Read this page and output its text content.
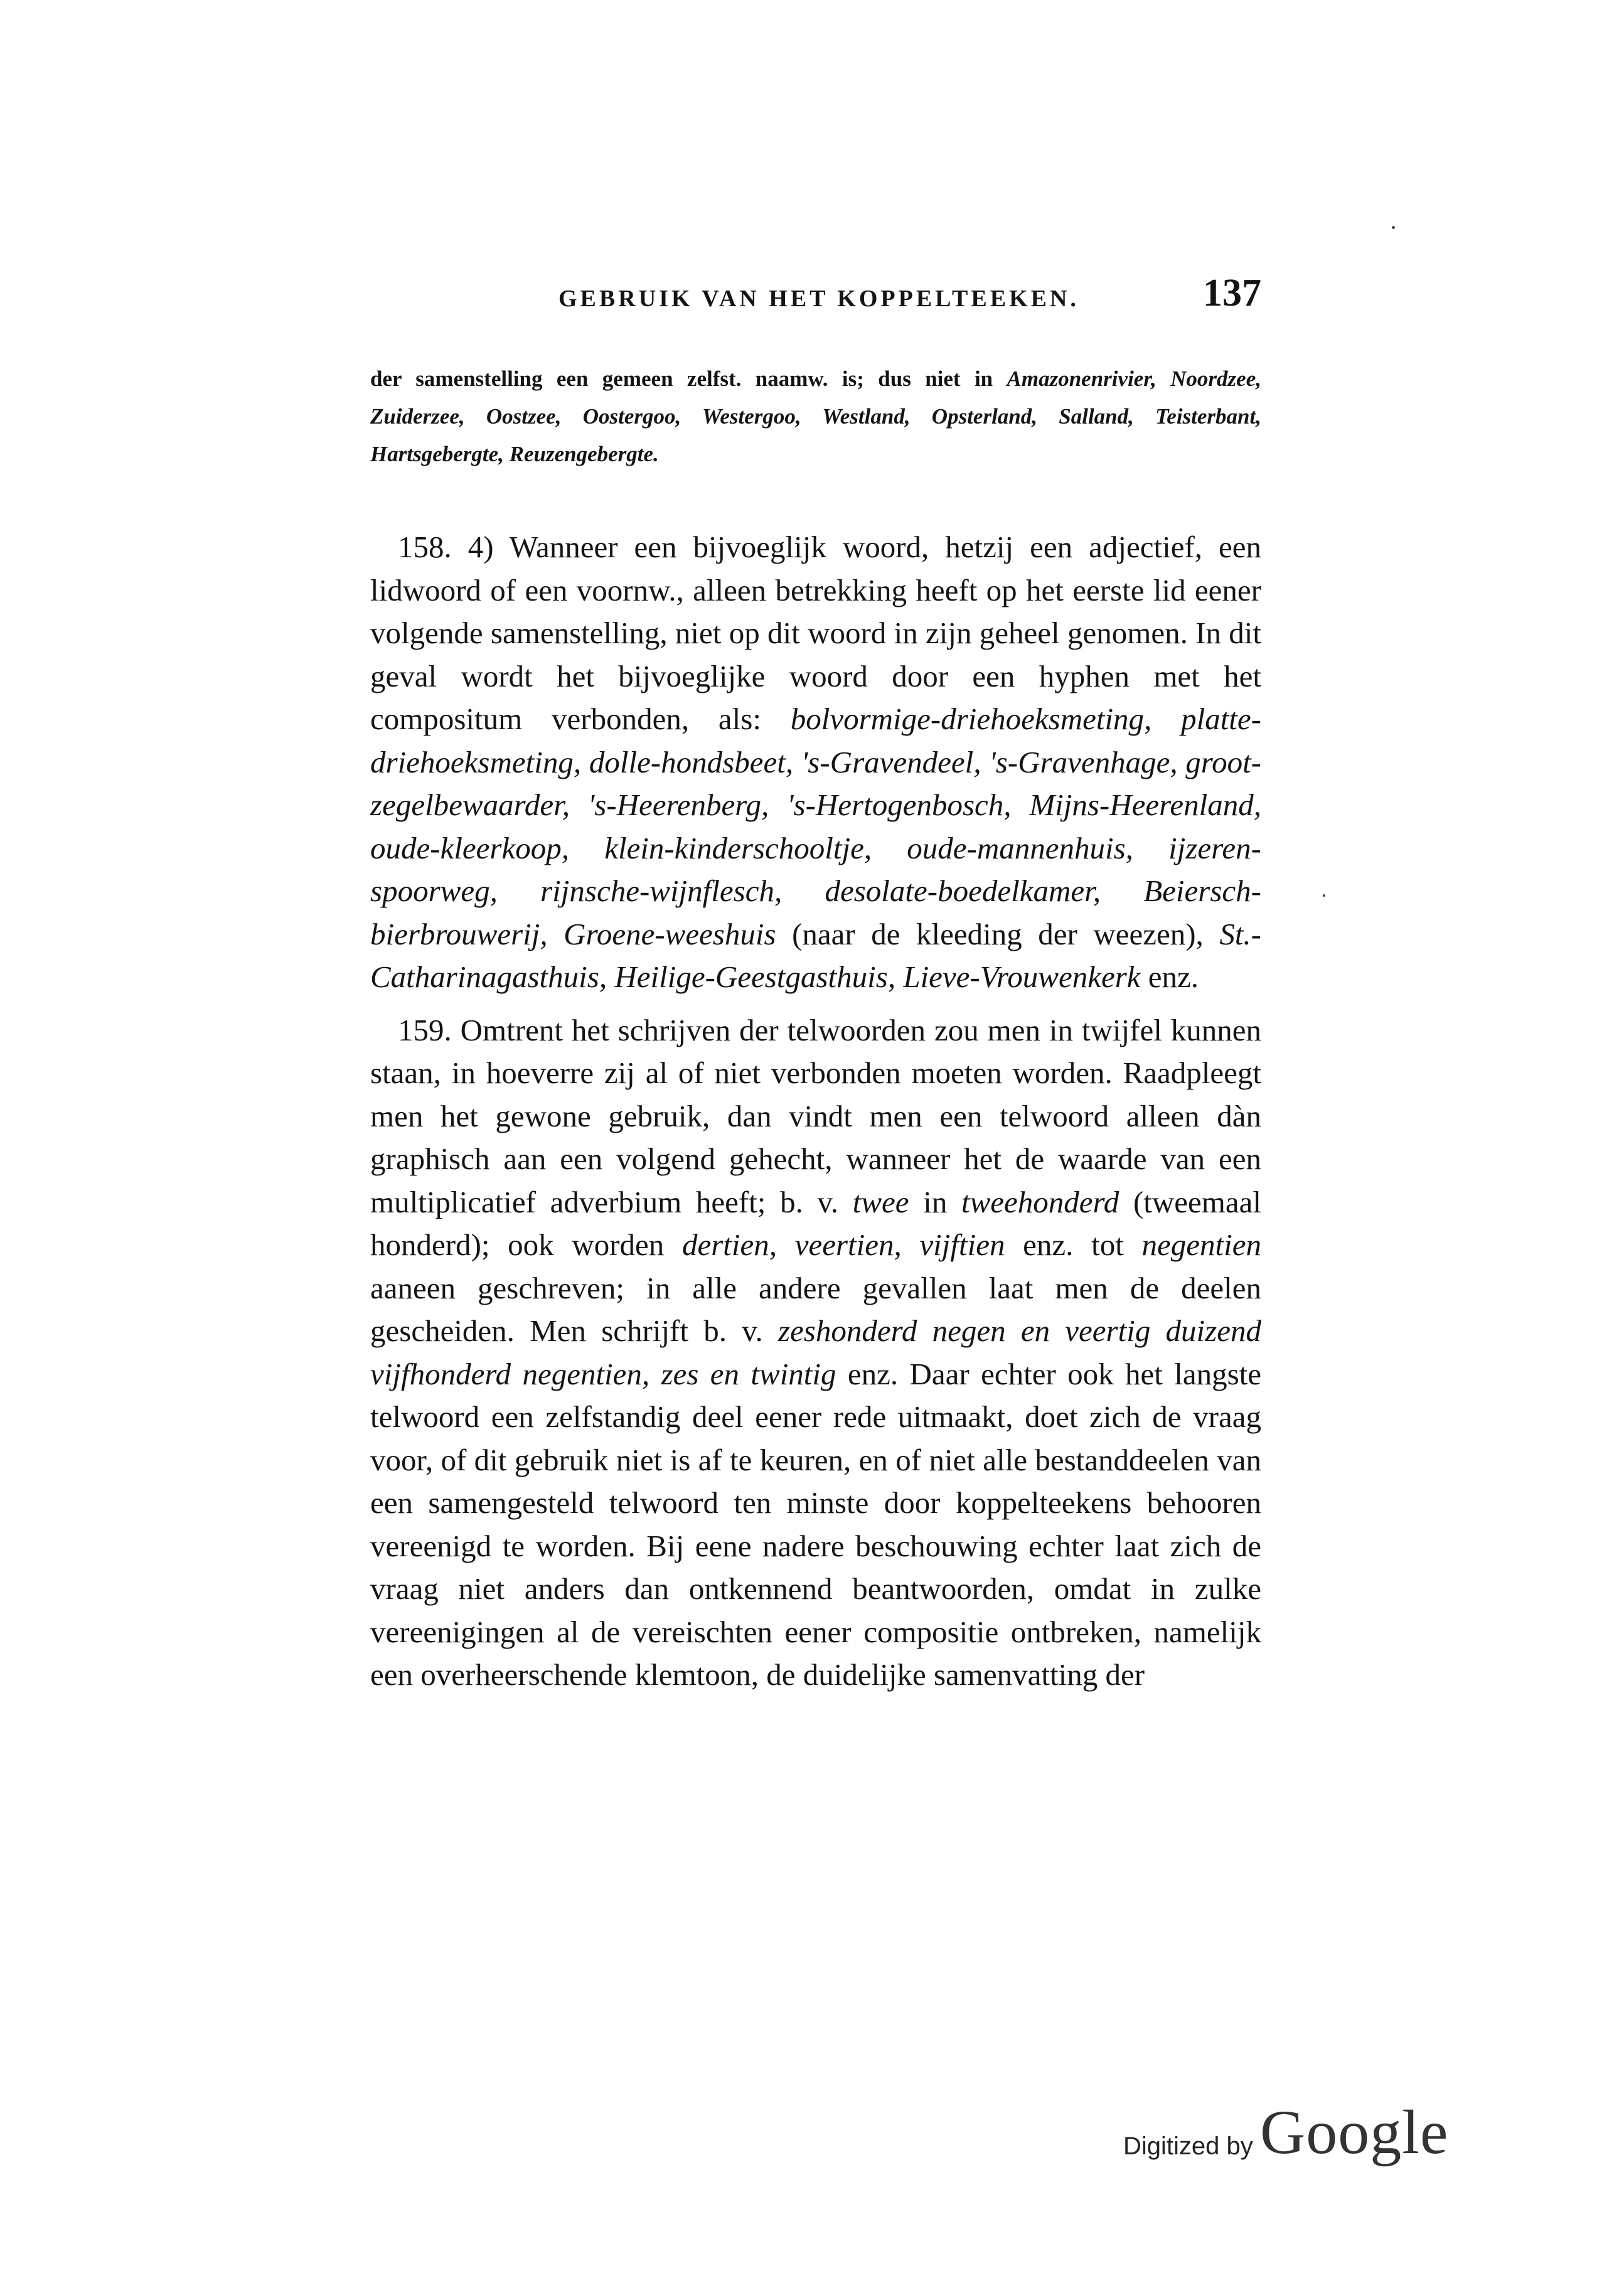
GEBRUIK VAN HET KOPPELTEEKEN.	137

der samenstelling een gemeen zelfst. naamw. is; dus niet in Amazonenrivier, Noordzee, Zuiderzee, Oostzee, Oostergoo, Westergoo, Westland, Opsterland, Salland, Teisterbant, Hartsgebergte, Reuzengebergte.

158. 4) Wanneer een bijvoeglijk woord, hetzij een adjectief, een lidwoord of een voornw., alleen betrekking heeft op het eerste lid eener volgende samenstelling, niet op dit woord in zijn geheel genomen. In dit geval wordt het bijvoeglijke woord door een hyphen met het compositum verbonden, als: bolvormige-driehoeksmeting, platte-driehoeksmeting, dolle-hondsbeet, 's-Gravendeel, 's-Gravenhage, groot-zegelbewaarder, 's-Heerenberg, 's-Hertogenbosch, Mijns-Heerenland, oude-kleerkoop, klein-kinderschooltje, oude-mannenhuis, ijzeren-spoorweg, rijnsche-wijnflesch, desolate-boedelkamer, Beiersch-bierbrouwerij, Groene-weeshuis (naar de kleeding der weezen), St.-Catharinagasthuis, Heilige-Geestgasthuis, Lieve-Vrouwenkerk enz.

159. Omtrent het schrijven der telwoorden zou men in twijfel kunnen staan, in hoeverre zij al of niet verbonden moeten worden. Raadpleegt men het gewone gebruik, dan vindt men een telwoord alleen dàn graphisch aan een volgend gehecht, wanneer het de waarde van een multiplicatief adverbium heeft; b. v. twee in tweehonderd (tweemaal honderd); ook worden dertien, veertien, vijftien enz. tot negentien aaneen geschreven; in alle andere gevallen laat men de deelen gescheiden. Men schrijft b. v. zeshonderd negen en veertig duizend vijfhonderd negentien, zes en twintig enz. Daar echter ook het langste telwoord een zelfstandig deel eener rede uitmaakt, doet zich de vraag voor, of dit gebruik niet is af te keuren, en of niet alle bestanddeelen van een samengesteld telwoord ten minste door koppelteekens behooren vereenigd te worden. Bij eene nadere beschouwing echter laat zich de vraag niet anders dan ontkennend beantwoorden, omdat in zulke vereenigingen al de vereischten eener compositie ontbreken, namelijk een overheerschende klemtoon, de duidelijke samenvatting der

Digitized by Google
